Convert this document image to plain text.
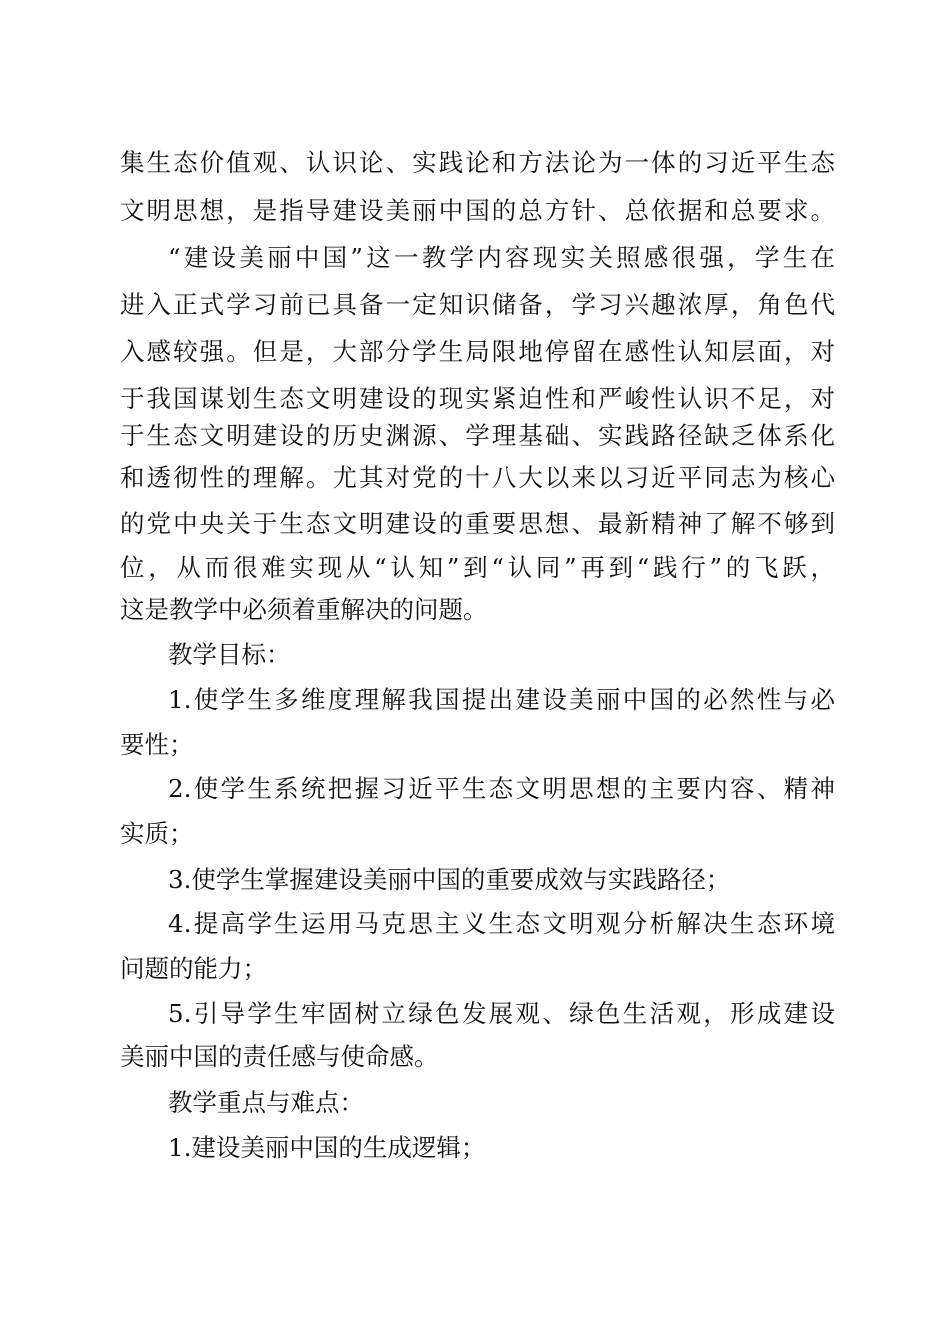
集生态价值观、认识论、实践论和方法论为一体的习近平生态
文明思想，是指导建设美丽中国的总方针、总依据和总要求。
“建设美丽中国”这一教学内容现实关照感很强，学生在
进入正式学习前已具备一定知识储备，学习兴趣浓厚，角色代
入感较强。但是，大部分学生局限地停留在感性认知层面，对
于我国谋划生态文明建设的现实紧迫性和严峻性认识不足，对
于生态文明建设的历史渊源、学理基础、实践路径缺乏体系化
和透彻性的理解。尤其对党的十八大以来以习近平同志为核心
的党中央关于生态文明建设的重要思想、最新精神了解不够到
位，从而很难实现从“认知”到“认同”再到“践行”的飞跃，
这是教学中必须着重解决的问题。
教学目标：
1.使学生多维度理解我国提出建设美丽中国的必然性与必
要性；
2.使学生系统把握习近平生态文明思想的主要内容、精神
实质；
3.使学生掌握建设美丽中国的重要成效与实践路径；
4.提高学生运用马克思主义生态文明观分析解决生态环境
问题的能力；
5.引导学生牢固树立绿色发展观、绿色生活观，形成建设
美丽中国的责任感与使命感。
教学重点与难点：
1.建设美丽中国的生成逻辑；
